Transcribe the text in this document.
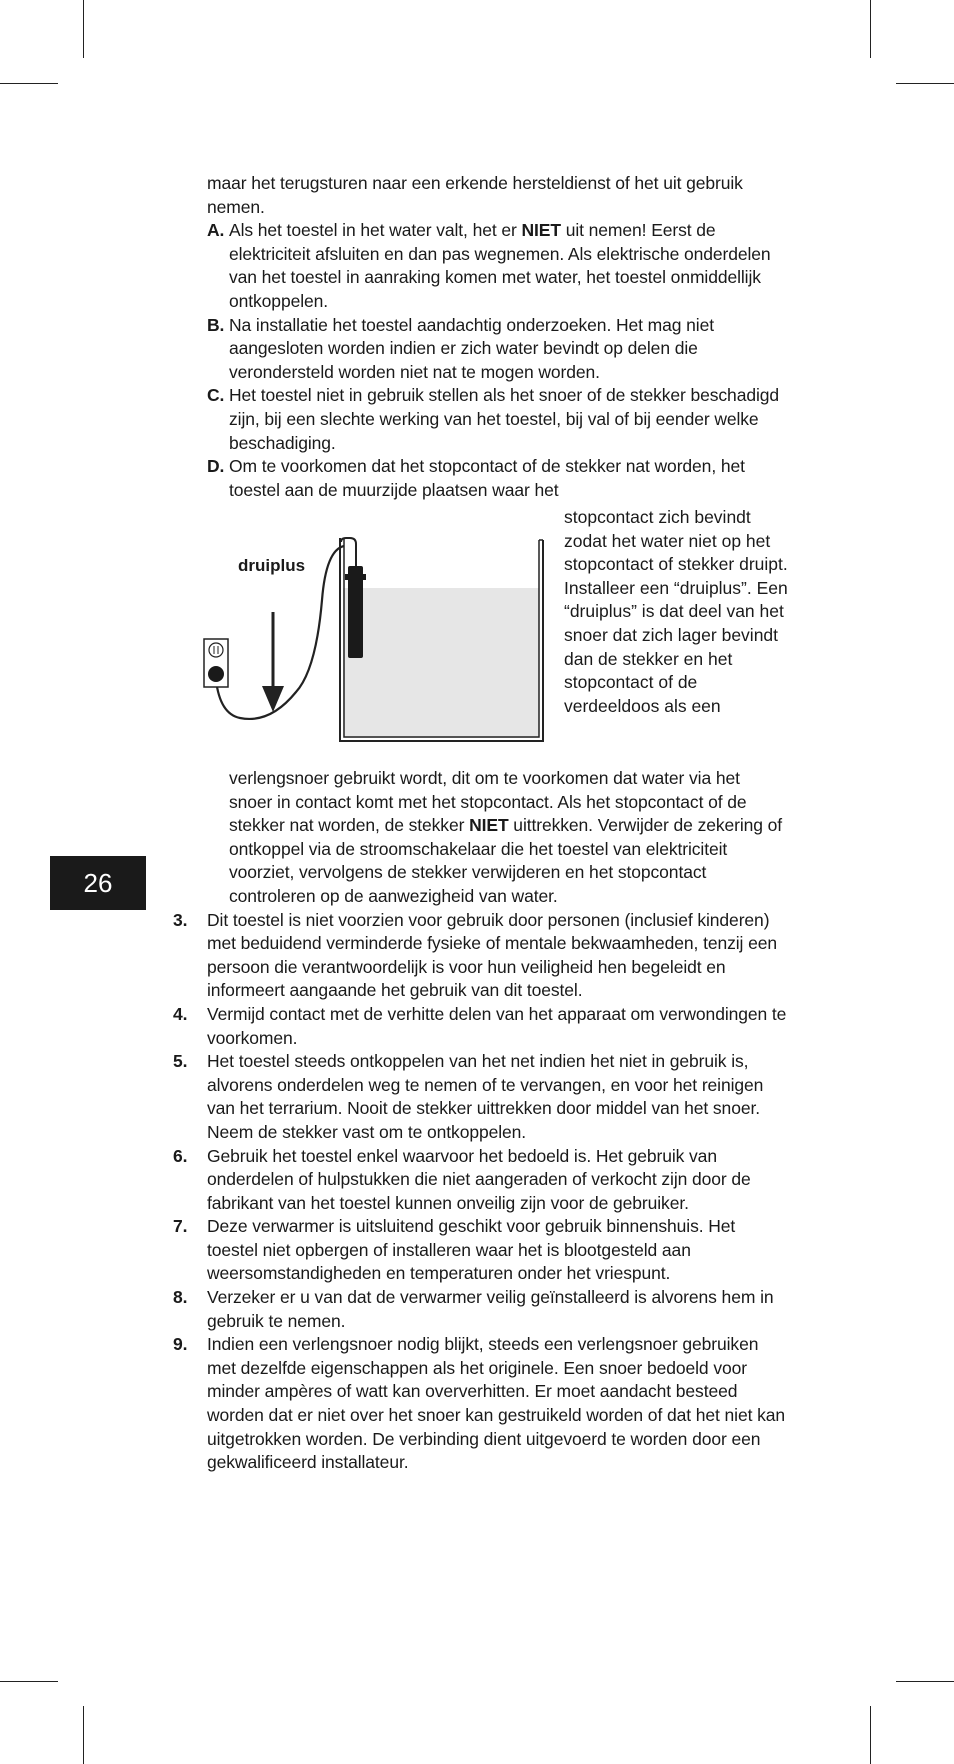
26

maar het terugsturen naar een erkende hersteldienst of het uit gebruik nemen.

A. Als het toestel in het water valt, het er NIET uit nemen! Eerst de elektriciteit afsluiten en dan pas wegnemen. Als elektrische onderdelen van het toestel in aanraking komen met water, het toestel onmiddellijk ontkoppelen.
B. Na installatie het toestel aandachtig onderzoeken. Het mag niet aangesloten worden indien er zich water bevindt op delen die verondersteld worden niet nat te mogen worden.
C. Het toestel niet in gebruik stellen als het snoer of de stekker beschadigd zijn, bij een slechte werking van het toestel, bij val of bij eender welke beschadiging.
D. Om te voorkomen dat het stopcontact of de stekker nat worden, het toestel aan de muurzijde plaatsen waar het
druiplus
stopcontact zich bevindt zodat het water niet op het stopcontact of stekker druipt. Installeer een “druiplus”. Een “druiplus” is dat deel van het snoer dat zich lager bevindt dan de stekker en het stopcontact of de verdeeldoos als een
verlengsnoer gebruikt wordt, dit om te voorkomen dat water via het snoer in contact komt met het stopcontact. Als het stopcontact of de stekker nat worden, de stekker NIET uittrekken. Verwijder de zekering of ontkoppel via de stroomschakelaar die het toestel van elektriciteit voorziet, vervolgens de stekker verwijderen en het stopcontact controleren op de aanwezigheid van water.
3. Dit toestel is niet voorzien voor gebruik door personen (inclusief kinderen) met beduidend verminderde fysieke of mentale bekwaamheden, tenzij een persoon die verantwoordelijk is voor hun veiligheid hen begeleidt en informeert aangaande het gebruik van dit toestel.
4. Vermijd contact met de verhitte delen van het apparaat om verwondingen te voorkomen.
5. Het toestel steeds ontkoppelen van het net indien het niet in gebruik is, alvorens onderdelen weg te nemen of te vervangen, en voor het reinigen van het terrarium. Nooit de stekker uittrekken door middel van het snoer. Neem de stekker vast om te ontkoppelen.
6. Gebruik het toestel enkel waarvoor het bedoeld is. Het gebruik van onderdelen of hulpstukken die niet aangeraden of verkocht zijn door de fabrikant van het toestel kunnen onveilig zijn voor de gebruiker.
7. Deze verwarmer is uitsluitend geschikt voor gebruik binnenshuis. Het toestel niet opbergen of installeren waar het is blootgesteld aan weersomstandigheden en temperaturen onder het vriespunt.
8. Verzeker er u van dat de verwarmer veilig geïnstalleerd is alvorens hem in gebruik te nemen.
9. Indien een verlengsnoer nodig blijkt, steeds een verlengsnoer gebruiken met dezelfde eigenschappen als het originele. Een snoer bedoeld voor minder ampères of watt kan oververhitten. Er moet aandacht besteed worden dat er niet over het snoer kan gestruikeld worden of dat het niet kan uitgetrokken worden. De verbinding dient uitgevoerd te worden door een gekwalificeerd installateur.
